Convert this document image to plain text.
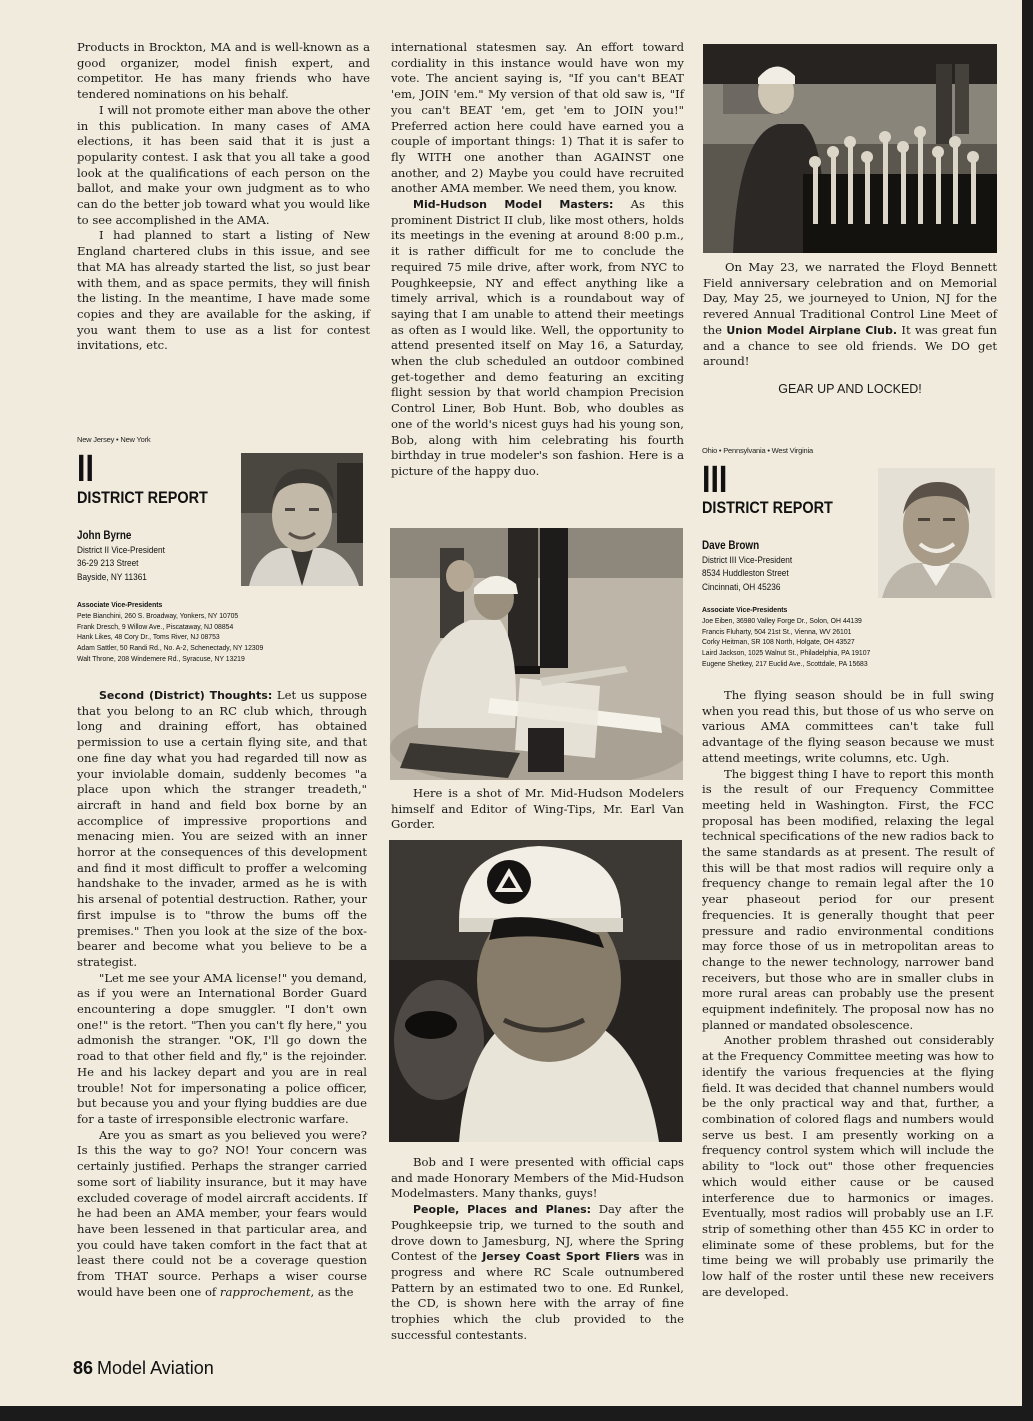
Products in Brockton, MA and is well-known as a good organizer, model finish expert, and competitor. He has many friends who have tendered nominations on his behalf.

I will not promote either man above the other in this publication. In many cases of AMA elections, it has been said that it is just a popularity contest. I ask that you all take a good look at the qualifications of each person on the ballot, and make your own judgment as to who can do the better job toward what you would like to see accomplished in the AMA.

I had planned to start a listing of New England chartered clubs in this issue, and see that MA has already started the list, so just bear with them, and as space permits, they will finish the listing. In the meantime, I have made some copies and they are available for the asking, if you want them to use as a list for contest invitations, etc.

New Jersey • New York
II
DISTRICT REPORT
John Byrne
District II Vice-President
36-29 213 Street
Bayside, NY 11361
Associate Vice-Presidents
Pete Bianchini, 260 S. Broadway, Yonkers, NY 10705
Frank Dresch, 9 Willow Ave., Piscataway, NJ 08854
Hank Likes, 48 Cory Dr., Toms River, NJ 08753
Adam Sattler, 50 Randi Rd., No. A-2, Schenectady, NY 12309
Walt Throne, 208 Windemere Rd., Syracuse, NY 13219

Second (District) Thoughts: Let us suppose that you belong to an RC club which, through long and draining effort, has obtained permission to use a certain flying site, and that one fine day what you had regarded till now as your inviolable domain, suddenly becomes "a place upon which the stranger treadeth," aircraft in hand and field box borne by an accomplice of impressive proportions and menacing mien. You are seized with an inner horror at the consequences of this development and find it most difficult to proffer a welcoming handshake to the invader, armed as he is with his arsenal of potential destruction. Rather, your first impulse is to "throw the bums off the premises." Then you look at the size of the box-bearer and become what you believe to be a strategist.

"Let me see your AMA license!" you demand, as if you were an International Border Guard encountering a dope smuggler. "I don't own one!" is the retort. "Then you can't fly here," you admonish the stranger. "OK, I'll go down the road to that other field and fly," is the rejoinder. He and his lackey depart and you are in real trouble! Not for impersonating a police officer, but because you and your flying buddies are due for a taste of irresponsible electronic warfare.

Are you as smart as you believed you were? Is this the way to go? NO! Your concern was certainly justified. Perhaps the stranger carried some sort of liability insurance, but it may have excluded coverage of model aircraft accidents. If he had been an AMA member, your fears would have been lessened in that particular area, and you could have taken comfort in the fact that at least there could not be a coverage question from THAT source. Perhaps a wiser course would have been one of rapprochement, as the

international statesmen say. An effort toward cordiality in this instance would have won my vote. The ancient saying is, "If you can't BEAT 'em, JOIN 'em." My version of that old saw is, "If you can't BEAT 'em, get 'em to JOIN you!" Preferred action here could have earned you a couple of important things: 1) That it is safer to fly WITH one another than AGAINST one another, and 2) Maybe you could have recruited another AMA member. We need them, you know.

Mid-Hudson Model Masters: As this prominent District II club, like most others, holds its meetings in the evening at around 8:00 p.m., it is rather difficult for me to conclude the required 75 mile drive, after work, from NYC to Poughkeepsie, NY and effect anything like a timely arrival, which is a roundabout way of saying that I am unable to attend their meetings as often as I would like. Well, the opportunity to attend presented itself on May 16, a Saturday, when the club scheduled an outdoor combined get-together and demo featuring an exciting flight session by that world champion Precision Control Liner, Bob Hunt. Bob, who doubles as one of the world's nicest guys had his young son, Bob, along with him celebrating his fourth birthday in true modeler's son fashion. Here is a picture of the happy duo.

Here is a shot of Mr. Mid-Hudson Modelers himself and Editor of Wing-Tips, Mr. Earl Van Gorder.

Bob and I were presented with official caps and made Honorary Members of the Mid-Hudson Modelmasters. Many thanks, guys!

People, Places and Planes: Day after the Poughkeepsie trip, we turned to the south and drove down to Jamesburg, NJ, where the Spring Contest of the Jersey Coast Sport Fliers was in progress and where RC Scale outnumbered Pattern by an estimated two to one. Ed Runkel, the CD, is shown here with the array of fine trophies which the club provided to the successful contestants.

On May 23, we narrated the Floyd Bennett Field anniversary celebration and on Memorial Day, May 25, we journeyed to Union, NJ for the revered Annual Traditional Control Line Meet of the Union Model Airplane Club. It was great fun and a chance to see old friends. We DO get around!

GEAR UP AND LOCKED!

Ohio • Pennsylvania • West Virginia
III
DISTRICT REPORT
Dave Brown
District III Vice-President
8534 Huddleston Street
Cincinnati, OH 45236
Associate Vice-Presidents
Joe Eiben, 36980 Valley Forge Dr., Solon, OH 44139
Francis Fluharty, 504 21st St., Vienna, WV 26101
Corky Heitman, SR 108 North, Holgate, OH 43527
Laird Jackson, 1025 Walnut St., Philadelphia, PA 19107
Eugene Shetkey, 217 Euclid Ave., Scottdale, PA 15683

The flying season should be in full swing when you read this, but those of us who serve on various AMA committees can't take full advantage of the flying season because we must attend meetings, write columns, etc. Ugh.

The biggest thing I have to report this month is the result of our Frequency Committee meeting held in Washington. First, the FCC proposal has been modified, relaxing the legal technical specifications of the new radios back to the same standards as at present. The result of this will be that most radios will require only a frequency change to remain legal after the 10 year phaseout period for our present frequencies. It is generally thought that peer pressure and radio environmental conditions may force those of us in metropolitan areas to change to the newer technology, narrower band receivers, but those who are in smaller clubs in more rural areas can probably use the present equipment indefinitely. The proposal now has no planned or mandated obsolescence.

Another problem thrashed out considerably at the Frequency Committee meeting was how to identify the various frequencies at the flying field. It was decided that channel numbers would be the only practical way and that, further, a combination of colored flags and numbers would serve us best. I am presently working on a frequency control system which will include the ability to "lock out" those other frequencies which would either cause or be caused interference due to harmonics or images. Eventually, most radios will probably use an I.F. strip of something other than 455 KC in order to eliminate some of these problems, but for the time being we will probably use primarily the low half of the roster until these new receivers are developed.

86 Model Aviation
